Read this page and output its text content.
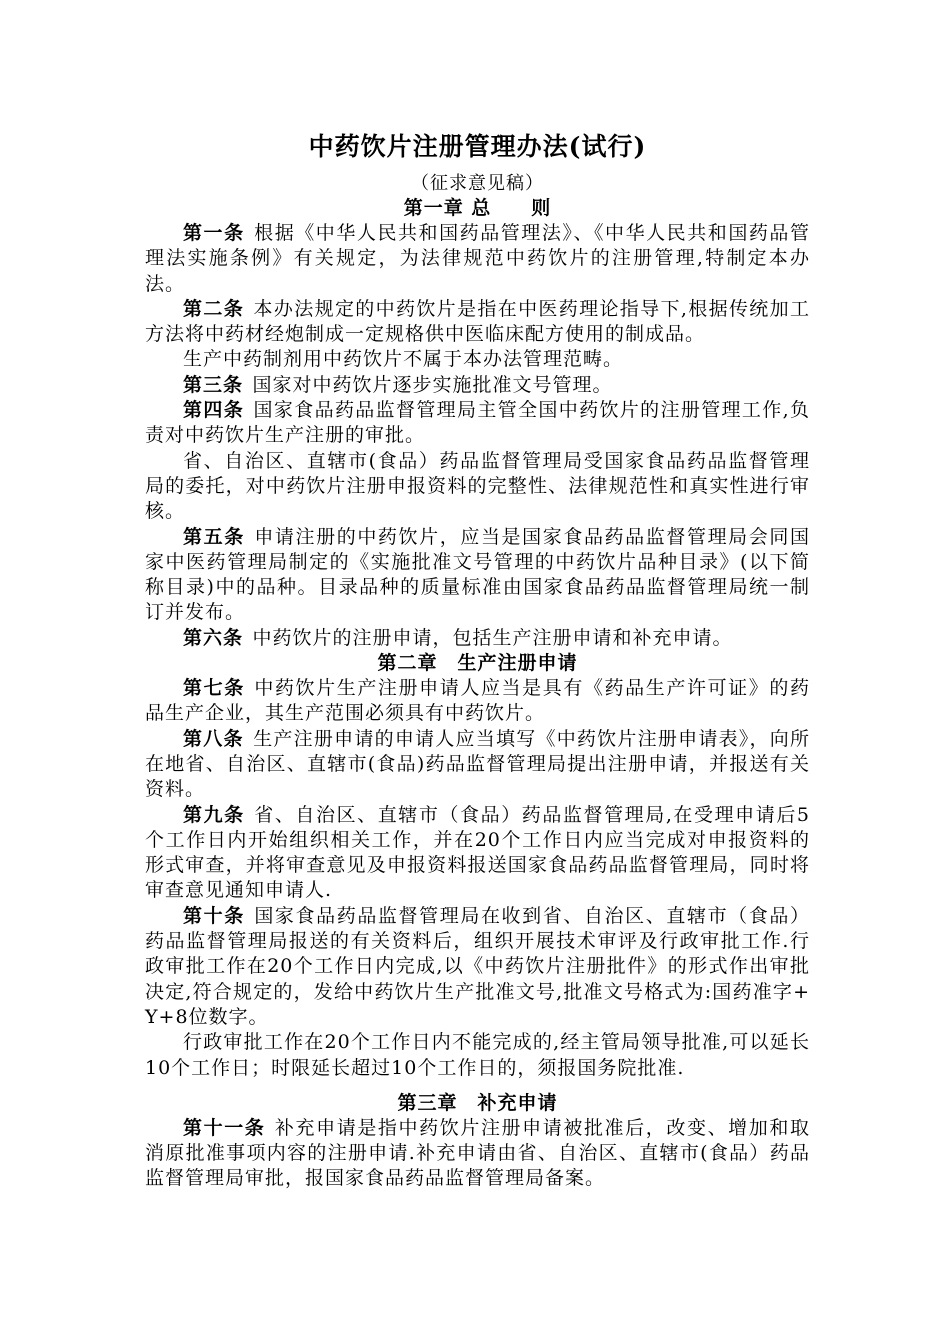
中药饮片注册管理办法(试行)

（征求意见稿）

第一章 总　　则

第一条 根据《中华人民共和国药品管理法》、《中华人民共和国药品管理法实施条例》有关规定，为法律规范中药饮片的注册管理,特制定本办法。

第二条 本办法规定的中药饮片是指在中医药理论指导下,根据传统加工方法将中药材经炮制成一定规格供中医临床配方使用的制成品。

生产中药制剂用中药饮片不属于本办法管理范畴。

第三条 国家对中药饮片逐步实施批准文号管理。

第四条 国家食品药品监督管理局主管全国中药饮片的注册管理工作,负责对中药饮片生产注册的审批。

省、自治区、直辖市(食品）药品监督管理局受国家食品药品监督管理局的委托，对中药饮片注册申报资料的完整性、法律规范性和真实性进行审核。

第五条 申请注册的中药饮片，应当是国家食品药品监督管理局会同国家中医药管理局制定的《实施批准文号管理的中药饮片品种目录》(以下简称目录)中的品种。目录品种的质量标准由国家食品药品监督管理局统一制订并发布。

第六条 中药饮片的注册申请，包括生产注册申请和补充申请。

第二章　生产注册申请

第七条 中药饮片生产注册申请人应当是具有《药品生产许可证》的药品生产企业，其生产范围必须具有中药饮片。

第八条 生产注册申请的申请人应当填写《中药饮片注册申请表》，向所在地省、自治区、直辖市(食品)药品监督管理局提出注册申请，并报送有关资料。

第九条 省、自治区、直辖市（食品）药品监督管理局,在受理申请后5个工作日内开始组织相关工作，并在20个工作日内应当完成对申报资料的形式审查，并将审查意见及申报资料报送国家食品药品监督管理局，同时将审查意见通知申请人.

第十条 国家食品药品监督管理局在收到省、自治区、直辖市（食品）药品监督管理局报送的有关资料后，组织开展技术审评及行政审批工作.行政审批工作在20个工作日内完成,以《中药饮片注册批件》的形式作出审批决定,符合规定的，发给中药饮片生产批准文号,批准文号格式为:国药准字+ Y+8位数字。

行政审批工作在20个工作日内不能完成的,经主管局领导批准,可以延长10个工作日；时限延长超过10个工作日的，须报国务院批准.

第三章　补充申请

第十一条 补充申请是指中药饮片注册申请被批准后，改变、增加和取消原批准事项内容的注册申请.补充申请由省、自治区、直辖市(食品）药品监督管理局审批，报国家食品药品监督管理局备案。
